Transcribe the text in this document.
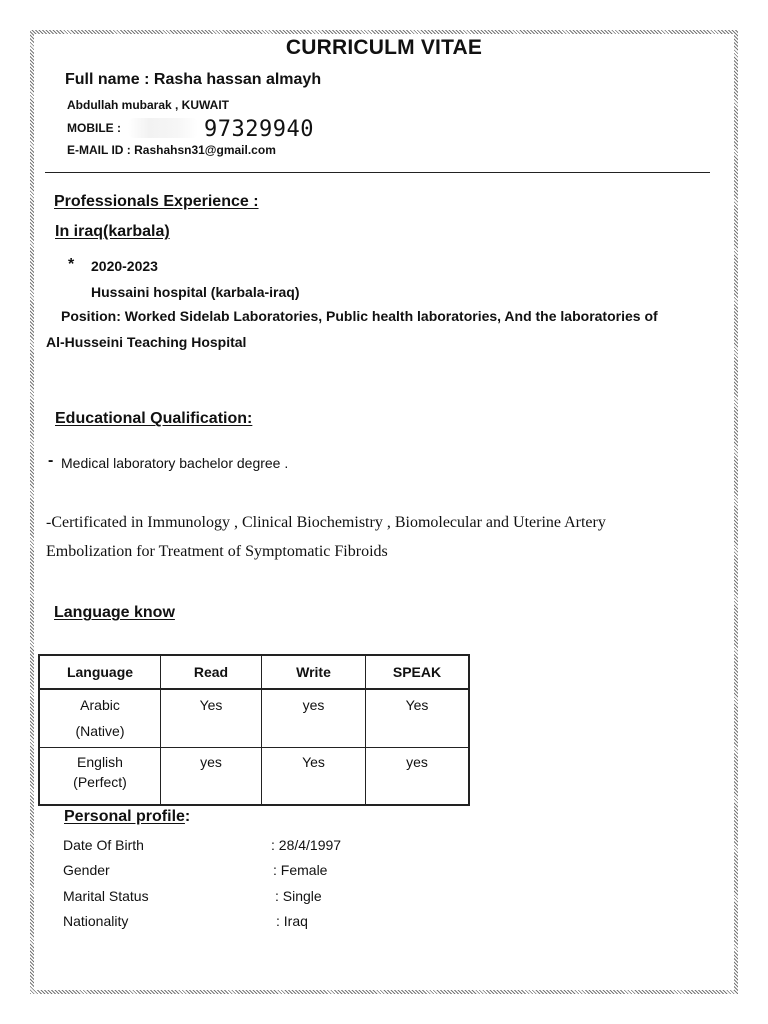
CURRICULM VITAE
Full name : Rasha hassan almayh
Abdullah mubarak , KUWAIT
MOBILE :	97329940
E-MAIL ID : Rashahsn31@gmail.com
Professionals Experience :
In iraq(karbala)
* 2020-2023
Hussaini hospital (karbala-iraq)
Position: Worked Sidelab Laboratories, Public health laboratories, And the laboratories of
Al-Husseini Teaching Hospital
Educational Qualification:
- Medical laboratory bachelor degree .
-Certificated in Immunology , Clinical Biochemistry , Biomolecular and Uterine Artery
Embolization for Treatment of Symptomatic Fibroids
Language know
Language	Read	Write	SPEAK

Arabic
(Native)	Yes	yes	Yes

English
(Perfect)	yes	Yes	yes
Personal profile:
Date Of Birth	: 28/4/1997
Gender	: Female
Marital Status	: Single
Nationality	: Iraq
